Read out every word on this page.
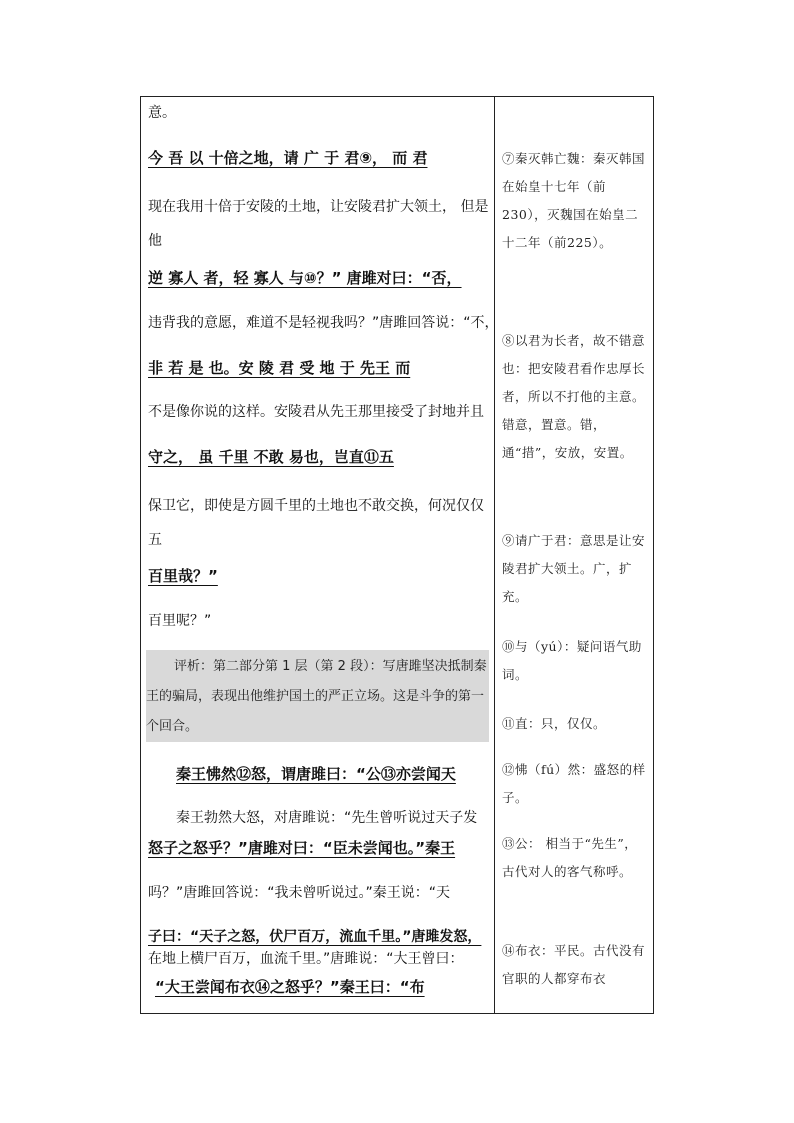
意。
今 吾 以 十倍之地，请 广 于 君⑨， 而 君
现在我用十倍于安陵的土地，让安陵君扩大领土， 但是他
逆 寡人 者，轻 寡人 与⑩？” 唐雎对曰：“否，
违背我的意愿，难道不是轻视我吗？”唐雎回答说：“不，
非 若 是 也。安 陵 君 受 地 于 先王 而
不是像你说的这样。安陵君从先王那里接受了封地并且
守之， 虽 千里 不敢 易也，岂直⑪五
保卫它，即使是方圆千里的土地也不敢交换，何况仅仅五
百里哉？”
百里呢？”
秦王怫然⑫怒，谓唐雎曰：“公⑬亦尝闻天
秦王勃然大怒，对唐雎说：“先生曾听说过天子发
怒子之怒乎？”唐雎对曰：“臣未尝闻也。”秦王
吗？”唐雎回答说：“我未曾听说过。”秦王说：“天
子曰：“天子之怒，伏尸百万，流血千里。”唐雎发怒，
在地上横尸百万，血流千里。”唐雎说：“大王曾曰：
“大王尝闻布衣⑭之怒乎？”秦王曰：“布
评析：第二部分第 1 层（第 2 段）：写唐雎坚决抵制秦王的骗局，表现出他维护国土的严正立场。这是斗争的第一个回合。
⑦秦灭韩亡魏：秦灭韩国在始皇十七年（前230），灭魏国在始皇二十二年（前225）。
⑧以君为长者，故不错意也：把安陵君看作忠厚长者，所以不打他的主意。错意，置意。错，通“措”，安放，安置。
⑨请广于君：意思是让安陵君扩大领土。广，扩充。
⑩与（yú）：疑问语气助词。
⑪直：只，仅仅。
⑫怫（fú）然：盛怒的样子。
⑬公： 相当于“先生”，古代对人的客气称呼。
⑭布衣：平民。古代没有官职的人都穿布衣
